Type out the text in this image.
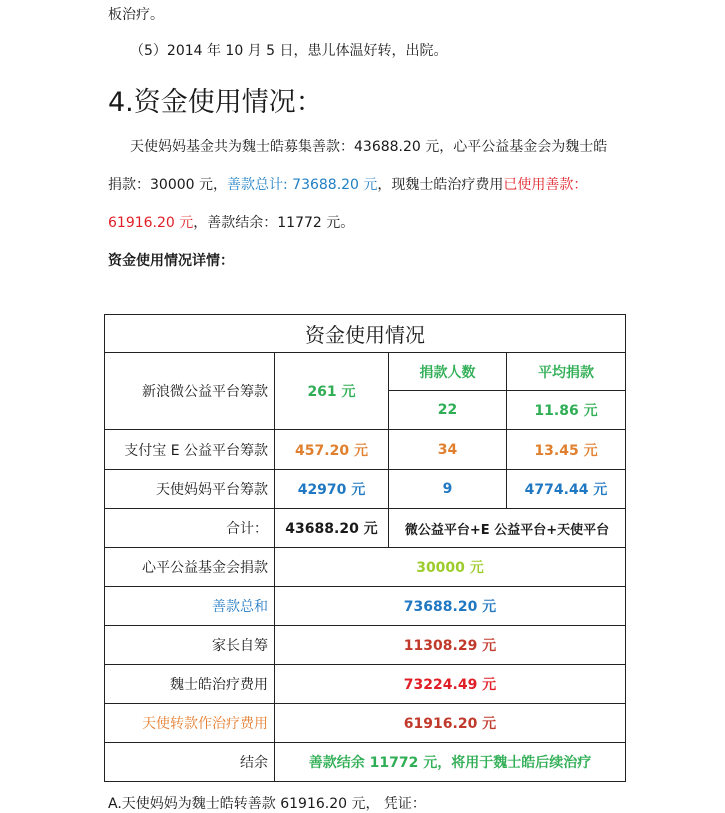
板治疗。
（5）2014 年 10 月 5 日，患儿体温好转，出院。
4.资金使用情况：
天使妈妈基金共为魏士皓募集善款：43688.20 元，心平公益基金会为魏士皓
捐款：30000 元，善款总计: 73688.20 元，现魏士皓治疗费用已使用善款：
61916.20 元，善款结余：11772 元。
资金使用情况详情：
资金使用情况			
新浪微公益平台筹款	261 元	捐款人数	平均捐款
		22	11.86 元
支付宝 E 公益平台筹款	457.20 元	34	13.45 元
天使妈妈平台筹款	42970 元	9	4774.44 元
合计：	43688.20 元	微公益平台+E 公益平台+天使平台	
心平公益基金会捐款	30000 元		
善款总和	73688.20 元		
家长自筹	11308.29 元		
魏士皓治疗费用	73224.49 元		
天使转款作治疗费用	61916.20 元		
结余	善款结余 11772 元，将用于魏士皓后续治疗		
A.天使妈妈为魏士皓转善款 61916.20 元， 凭证：
